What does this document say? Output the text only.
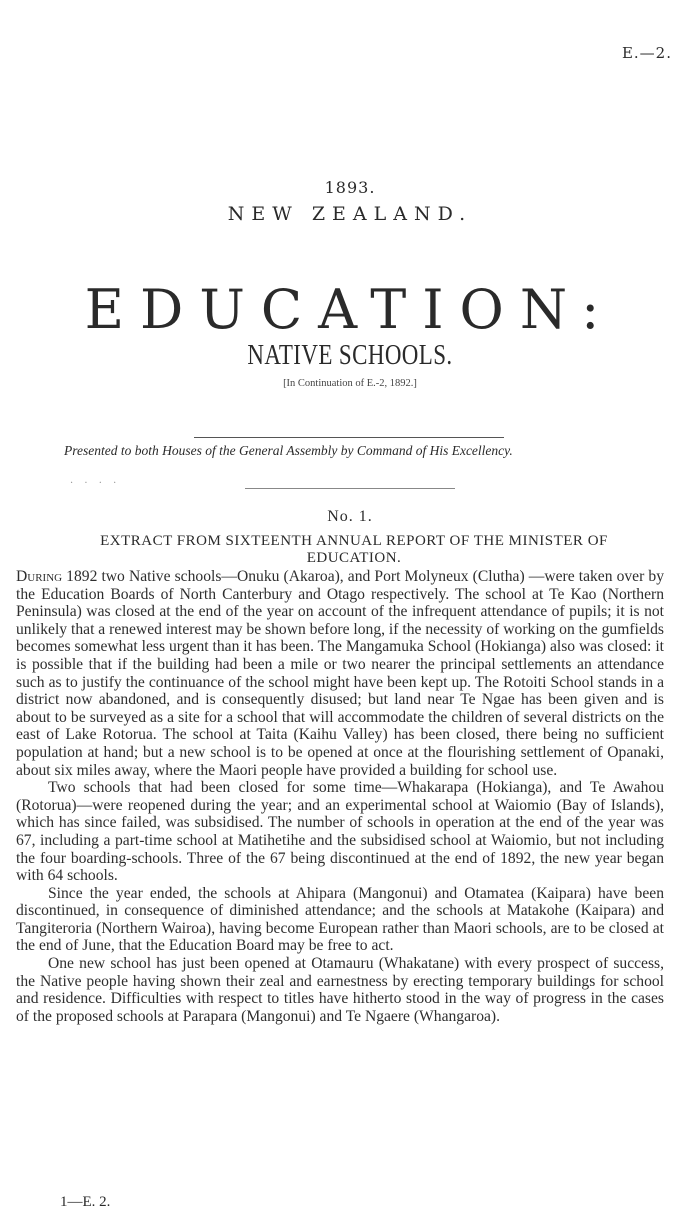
E.—2.
1893.
NEW ZEALAND.
EDUCATION:
NATIVE SCHOOLS.
[In Continuation of E.-2, 1892.]
Presented to both Houses of the General Assembly by Command of His Excellency.
· · · ·
No. 1.
EXTRACT FROM SIXTEENTH ANNUAL REPORT OF THE MINISTER OF EDUCATION.

During 1892 two Native schools—Onuku (Akaroa), and Port Molyneux (Clutha) —were taken over by the Education Boards of North Canterbury and Otago respectively. The school at Te Kao (Northern Peninsula) was closed at the end of the year on account of the infrequent attendance of pupils; it is not unlikely that a renewed interest may be shown before long, if the necessity of working on the gumfields becomes somewhat less urgent than it has been. The Mangamuka School (Hokianga) also was closed: it is possible that if the building had been a mile or two nearer the principal settlements an attendance such as to justify the continuance of the school might have been kept up. The Rotoiti School stands in a district now abandoned, and is consequently disused; but land near Te Ngae has been given and is about to be surveyed as a site for a school that will accommodate the children of several districts on the east of Lake Rotorua. The school at Taita (Kaihu Valley) has been closed, there being no sufficient population at hand; but a new school is to be opened at once at the flourishing settlement of Opanaki, about six miles away, where the Maori people have provided a building for school use.

Two schools that had been closed for some time—Whakarapa (Hokianga), and Te Awahou (Rotorua)—were reopened during the year; and an experimental school at Waiomio (Bay of Islands), which has since failed, was subsidised. The number of schools in operation at the end of the year was 67, including a part-time school at Matihetihe and the subsidised school at Waiomio, but not including the four boarding-schools. Three of the 67 being discontinued at the end of 1892, the new year began with 64 schools.

Since the year ended, the schools at Ahipara (Mangonui) and Otamatea (Kaipara) have been discontinued, in consequence of diminished attendance; and the schools at Matakohe (Kaipara) and Tangiteroria (Northern Wairoa), having become European rather than Maori schools, are to be closed at the end of June, that the Education Board may be free to act.

One new school has just been opened at Otamauru (Whakatane) with every prospect of success, the Native people having shown their zeal and earnestness by erecting temporary buildings for school and residence. Difficulties with respect to titles have hitherto stood in the way of progress in the cases of the proposed schools at Parapara (Mangonui) and Te Ngaere (Whangaroa).

1—E. 2.
